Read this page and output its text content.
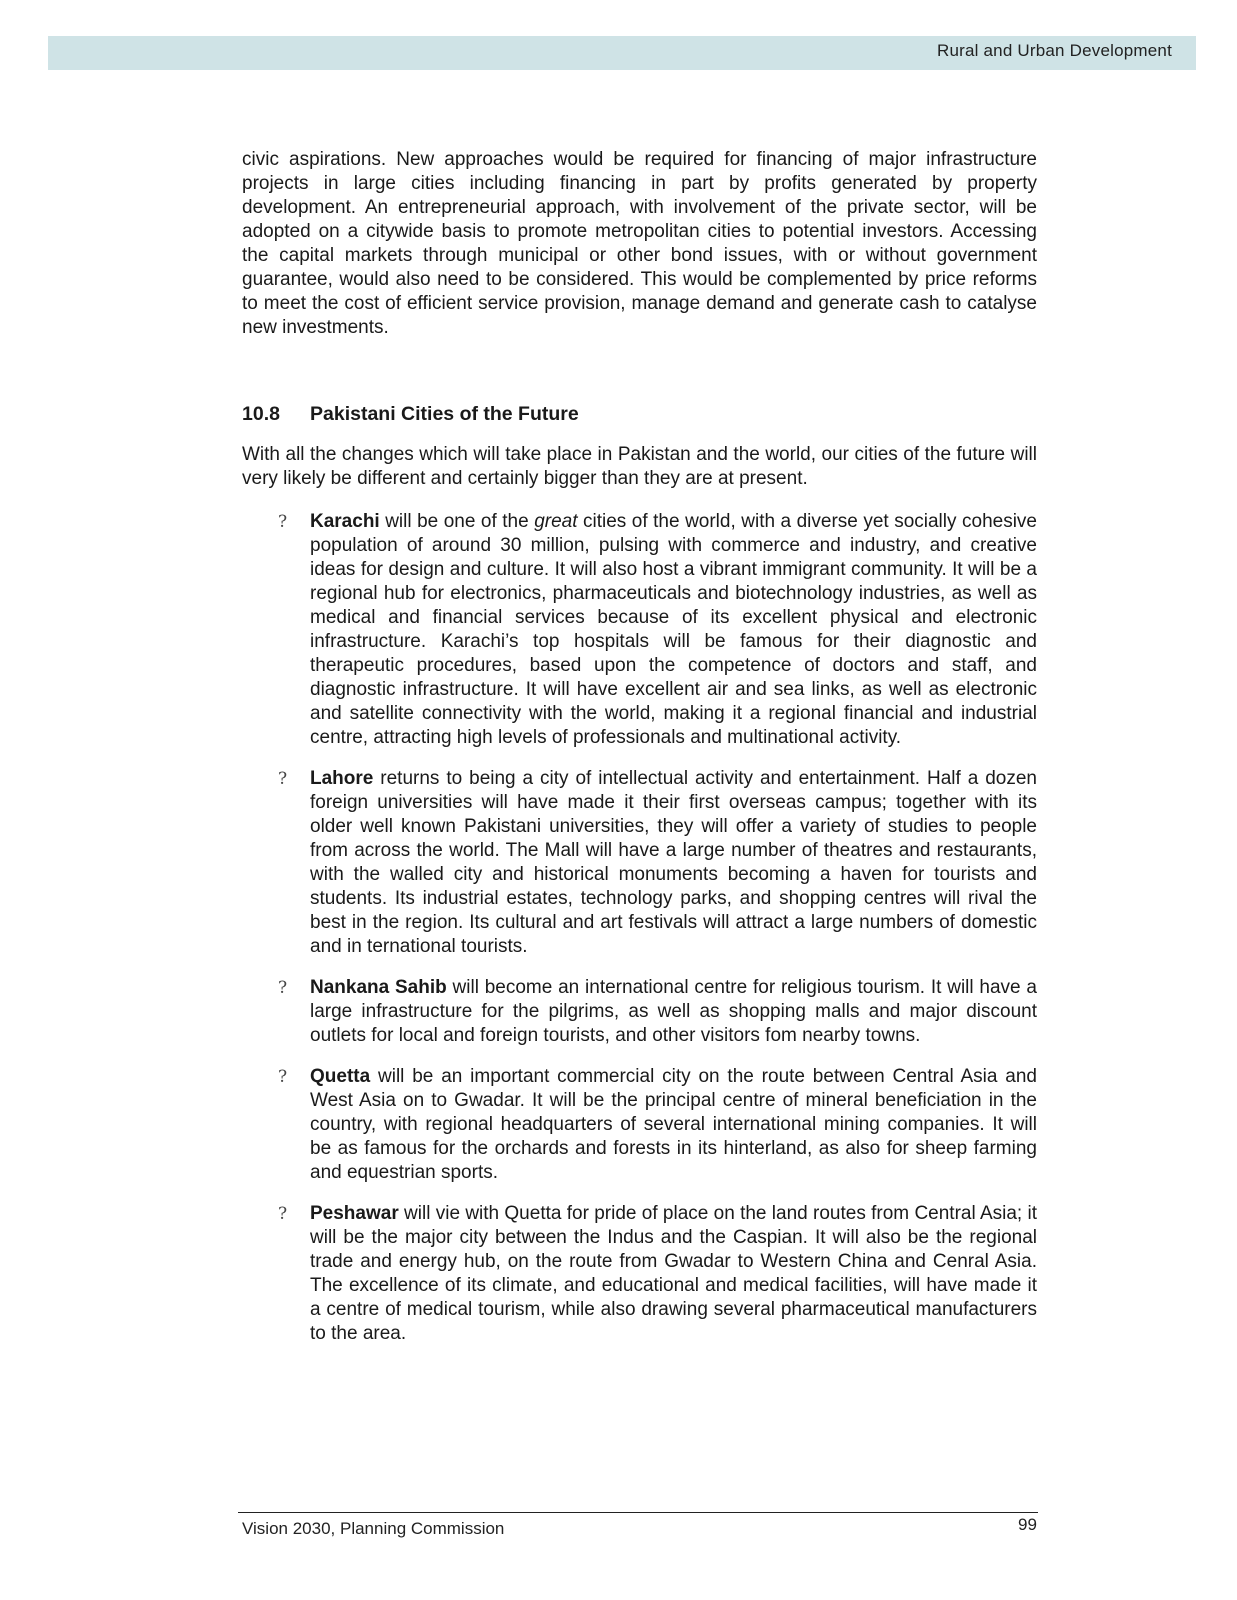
Rural and Urban Development

civic aspirations. New approaches would be required for financing of major infrastructure projects in large cities including financing in part by profits generated by property development. An entrepreneurial approach, with involvement of the private sector, will be adopted on a citywide basis to promote metropolitan cities to potential investors. Accessing the capital markets through municipal or other bond issues, with or without government guarantee, would also need to be considered. This would be complemented by price reforms to meet the cost of efficient service provision, manage demand and generate cash to catalyse new investments.

10.8 Pakistani Cities of the Future

With all the changes which will take place in Pakistan and the world, our cities of the future will very likely be different and certainly bigger than they are at present.

? Karachi will be one of the great cities of the world, with a diverse yet socially cohesive population of around 30 million, pulsing with commerce and industry, and creative ideas for design and culture. It will also host a vibrant immigrant community. It will be a regional hub for electronics, pharmaceuticals and biotechnology industries, as well as medical and financial services because of its excellent physical and electronic infrastructure. Karachi’s top hospitals will be famous for their diagnostic and therapeutic procedures, based upon the competence of doctors and staff, and diagnostic infrastructure. It will have excellent air and sea links, as well as electronic and satellite connectivity with the world, making it a regional financial and industrial centre, attracting high levels of professionals and multinational activity.
? Lahore returns to being a city of intellectual activity and entertainment. Half a dozen foreign universities will have made it their first overseas campus; together with its older well known Pakistani universities, they will offer a variety of studies to people from across the world. The Mall will have a large number of theatres and restaurants, with the walled city and historical monuments becoming a haven for tourists and students. Its industrial estates, technology parks, and shopping centres will rival the best in the region. Its cultural and art festivals will attract a large numbers of domestic and in ternational tourists.
? Nankana Sahib will become an international centre for religious tourism. It will have a large infrastructure for the pilgrims, as well as shopping malls and major discount outlets for local and foreign tourists, and other visitors fom nearby towns.
? Quetta will be an important commercial city on the route between Central Asia and West Asia on to Gwadar. It will be the principal centre of mineral beneficiation in the country, with regional headquarters of several international mining companies. It will be as famous for the orchards and forests in its hinterland, as also for sheep farming and equestrian sports.
? Peshawar will vie with Quetta for pride of place on the land routes from Central Asia; it will be the major city between the Indus and the Caspian. It will also be the regional trade and energy hub, on the route from Gwadar to Western China and Cenral Asia. The excellence of its climate, and educational and medical facilities, will have made it a centre of medical tourism, while also drawing several pharmaceutical manufacturers to the area.
Vision 2030, Planning Commission	99
